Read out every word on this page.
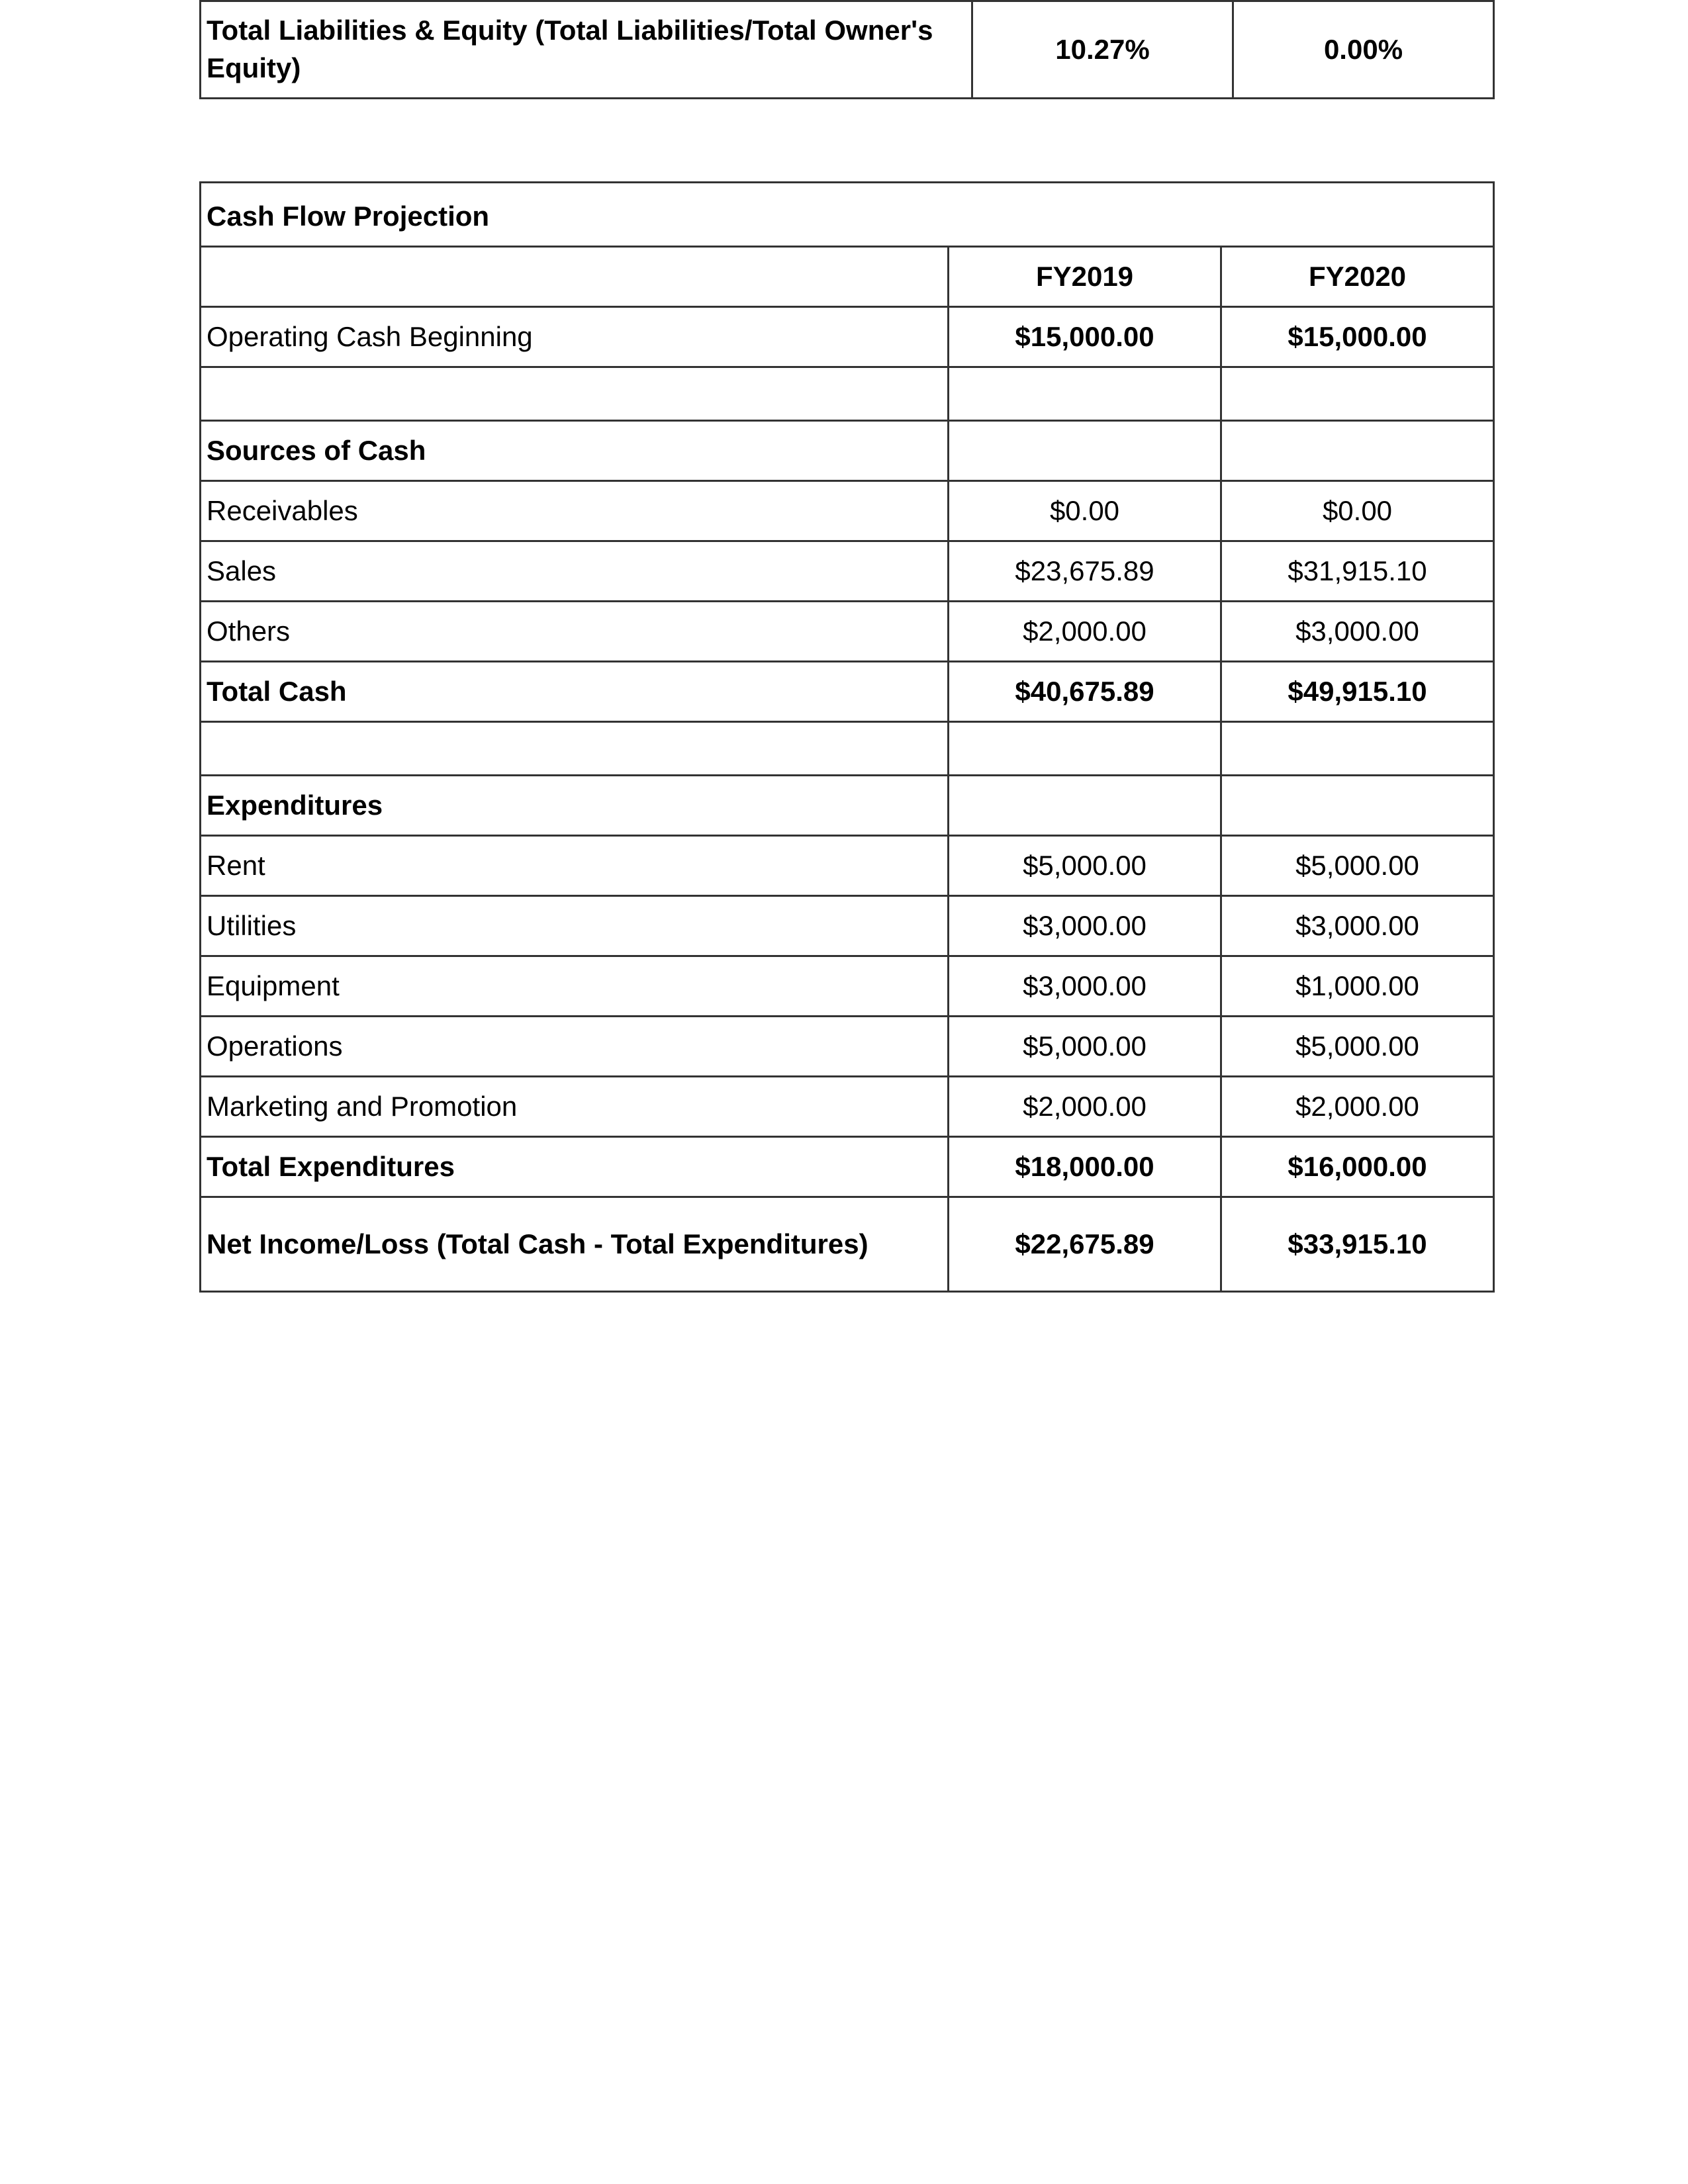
Total Liabilities & Equity (Total Liabilities/Total Owner's Equity)	10.27%	0.00%
Cash Flow Projection		
	FY2019	FY2020
Operating Cash Beginning	$15,000.00	$15,000.00

Sources of Cash		
Receivables	$0.00	$0.00
Sales	$23,675.89	$31,915.10
Others	$2,000.00	$3,000.00
Total Cash	$40,675.89	$49,915.10

Expenditures		
Rent	$5,000.00	$5,000.00
Utilities	$3,000.00	$3,000.00
Equipment	$3,000.00	$1,000.00
Operations	$5,000.00	$5,000.00
Marketing and Promotion	$2,000.00	$2,000.00
Total Expenditures	$18,000.00	$16,000.00
Net Income/Loss (Total Cash - Total Expenditures)	$22,675.89	$33,915.10
